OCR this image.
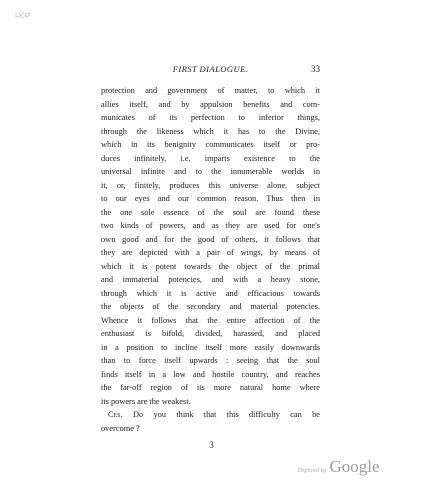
ಭ್ಗಾ‍ಿಫ್
FIRST DIALOGUE.	33
protection and government of matter, to which it
allies itself, and by appulsion benefits and com-
municates of its perfection to inferior things,
through the likeness which it has to the Divine,
which in its benignity communicates itself or pro-
duces infinitely, i.e. imparts existence to the
universal infinite and to the innumerable worlds in
it, or, finitely, produces this universe alone, subject
to our eyes and our common reason. Thus then in
the one sole essence of the soul are found these
two kinds of powers, and as they are used for one's
own good and for the good of others, it follows that
they are depicted with a pair of wings, by means of
which it is potent towards the object of the primal
and immaterial potencies, and with a heavy stone,
through which it is active and efficacious towards
the objects of the secondary and material potencies.
Whence it follows that the entire affection of the
enthusiast is bifold, divided, harassed, and placed
in a position to incline itself more easily downwards
than to force itself upwards : seeing that the soul
finds itself in a low and hostile country, and reaches
the far-off region of its more natural home where
its powers are the weakest.
Ces. Do you think that this difficulty can be
overcome ?
3
Digitized by Google
